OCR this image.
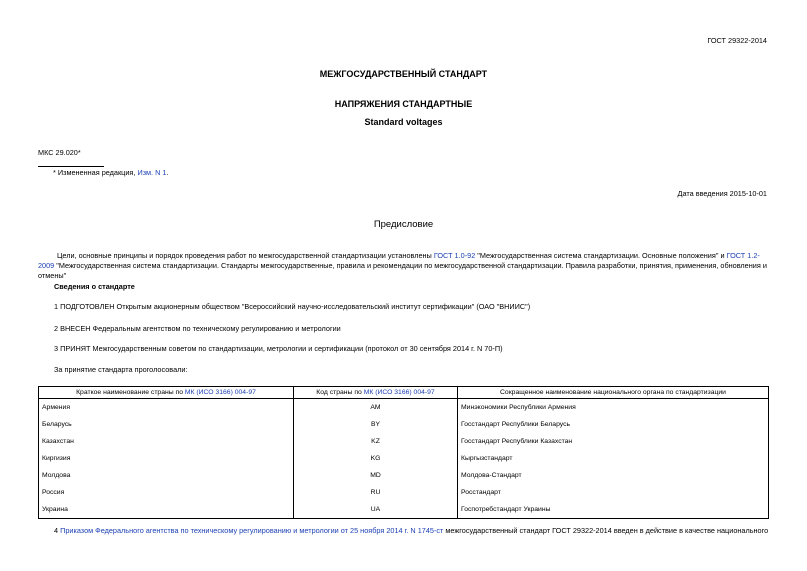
ГОСТ 29322-2014
МЕЖГОСУДАРСТВЕННЫЙ СТАНДАРТ
НАПРЯЖЕНИЯ СТАНДАРТНЫЕ
Standard voltages
МКС 29.020*
* Измененная редакция, Изм. N 1.
Дата введения 2015-10-01
Предисловие
Цели, основные принципы и порядок проведения работ по межгосударственной стандартизации установлены ГОСТ 1.0-92 "Межгосударственная система стандартизации. Основные положения" и ГОСТ 1.2-2009 "Межгосударственная система стандартизации. Стандарты межгосударственные, правила и рекомендации по межгосударственной стандартизации. Правила разработки, принятия, применения, обновления и отмены"
Сведения о стандарте
1 ПОДГОТОВЛЕН Открытым акционерным обществом "Всероссийский научно-исследовательский институт сертификации" (ОАО "ВНИИС")
2 ВНЕСЕН Федеральным агентством по техническому регулированию и метрологии
3 ПРИНЯТ Межгосударственным советом по стандартизации, метрологии и сертификации (протокол от 30 сентября 2014 г. N 70-П)
За принятие стандарта проголосовали:
Краткое наименование страны по МК (ИСО 3166) 004-97	Код страны по МК (ИСО 3166) 004-97	Сокращенное наименование национального органа по стандартизации
Армения	AM	Минэкономики Республики Армения
Беларусь	BY	Госстандарт Республики Беларусь
Казахстан	KZ	Госстандарт Республики Казахстан
Киргизия	KG	Кыргызстандарт
Молдова	MD	Молдова-Стандарт
Россия	RU	Росстандарт
Украина	UA	Госпотребстандарт Украины
4 Приказом Федерального агентства по техническому регулированию и метрологии от 25 ноября 2014 г. N 1745-ст межгосударственный стандарт ГОСТ 29322-2014 введен в действие в качестве национального
